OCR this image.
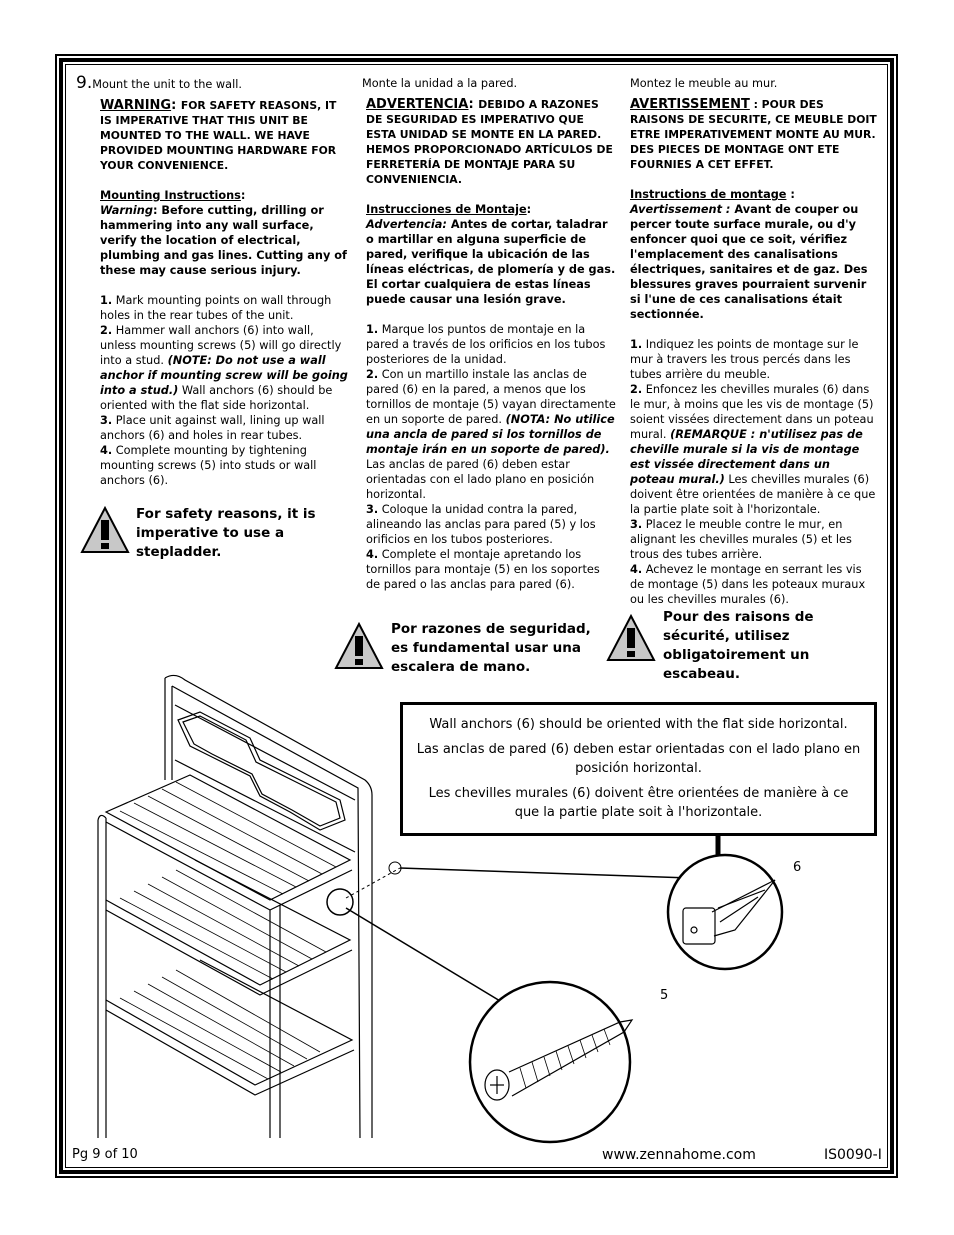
9.Mount the unit to the wall.

WARNING: FOR SAFETY REASONS, IT IS IMPERATIVE THAT THIS UNIT BE MOUNTED TO THE WALL. WE HAVE PROVIDED MOUNTING HARDWARE FOR YOUR CONVENIENCE.

Mounting Instructions:

Warning: Before cutting, drilling or hammering into any wall surface, verify the location of electrical, plumbing and gas lines. Cutting any of these may cause serious injury.

1. Mark mounting points on wall through holes in the rear tubes of the unit.
2. Hammer wall anchors (6) into wall, unless mounting screws (5) will go directly into a stud. (NOTE: Do not use a wall anchor if mounting screw will be going into a stud.) Wall anchors (6) should be oriented with the flat side horizontal.
3. Place unit against wall, lining up wall anchors (6) and holes in rear tubes.
4. Complete mounting by tightening mounting screws (5) into studs or wall anchors (6).

Monte la unidad a la pared.

ADVERTENCIA: DEBIDO A RAZONES DE SEGURIDAD ES IMPERATIVO QUE ESTA UNIDAD SE MONTE EN LA PARED. HEMOS PROPORCIONADO ARTÍCULOS DE FERRETERÍA DE MONTAJE PARA SU CONVENIENCIA.

Instrucciones de Montaje:

Advertencia: Antes de cortar, taladrar o martillar en alguna superficie de pared, verifique la ubicación de las líneas eléctricas, de plomería y de gas. El cortar cualquiera de estas líneas puede causar una lesión grave.

1. Marque los puntos de montaje en la pared a través de los orificios en los tubos posteriores de la unidad.
2. Con un martillo instale las anclas de pared (6) en la pared, a menos que los tornillos de montaje (5) vayan directamente en un soporte de pared. (NOTA: No utilice una ancla de pared si los tornillos de montaje irán en un soporte de pared). Las anclas de pared (6) deben estar orientadas con el lado plano en posición horizontal.
3. Coloque la unidad contra la pared, alineando las anclas para pared (5) y los orificios en los tubos posteriores.
4. Complete el montaje apretando los tornillos para montaje (5) en los soportes de pared o las anclas para pared (6).

Montez le meuble au mur.

AVERTISSEMENT : POUR DES RAISONS DE SECURITE, CE MEUBLE DOIT ETRE IMPERATIVEMENT MONTE AU MUR. DES PIECES DE MONTAGE ONT ETE FOURNIES A CET EFFET.

Instructions de montage :

Avertissement : Avant de couper ou percer toute surface murale, ou d'y enfoncer quoi que ce soit, vérifiez l'emplacement des canalisations électriques, sanitaires et de gaz. Des blessures graves pourraient survenir si l'une de ces canalisations était sectionnée.

1. Indiquez les points de montage sur le mur à travers les trous percés dans les tubes arrière du meuble.
2. Enfoncez les chevilles murales (6) dans le mur, à moins que les vis de montage (5) soient vissées directement dans un poteau mural. (REMARQUE : n'utilisez pas de cheville murale si la vis de montage est vissée directement dans un poteau mural.) Les chevilles murales (6) doivent être orientées de manière à ce que la partie plate soit à l'horizontale.
3. Placez le meuble contre le mur, en alignant les chevilles murales (5) et les trous des tubes arrière.
4. Achevez le montage en serrant les vis de montage (5) dans les poteaux muraux ou les chevilles murales (6).

For safety reasons, it is imperative to use a stepladder.
Por razones de seguridad, es fundamental usar una escalera de mano.
Pour des raisons de sécurité, utilisez obligatoirement un escabeau.

Wall anchors (6) should be oriented with the flat side horizontal.

Las anclas de pared (6) deben estar orientadas con el lado plano en posición horizontal.

Les chevilles murales (6) doivent être orientées de manière à ce que la partie plate soit à l'horizontale.

6
5
Pg 9 of 10	www.zennahome.com	IS0090-I
